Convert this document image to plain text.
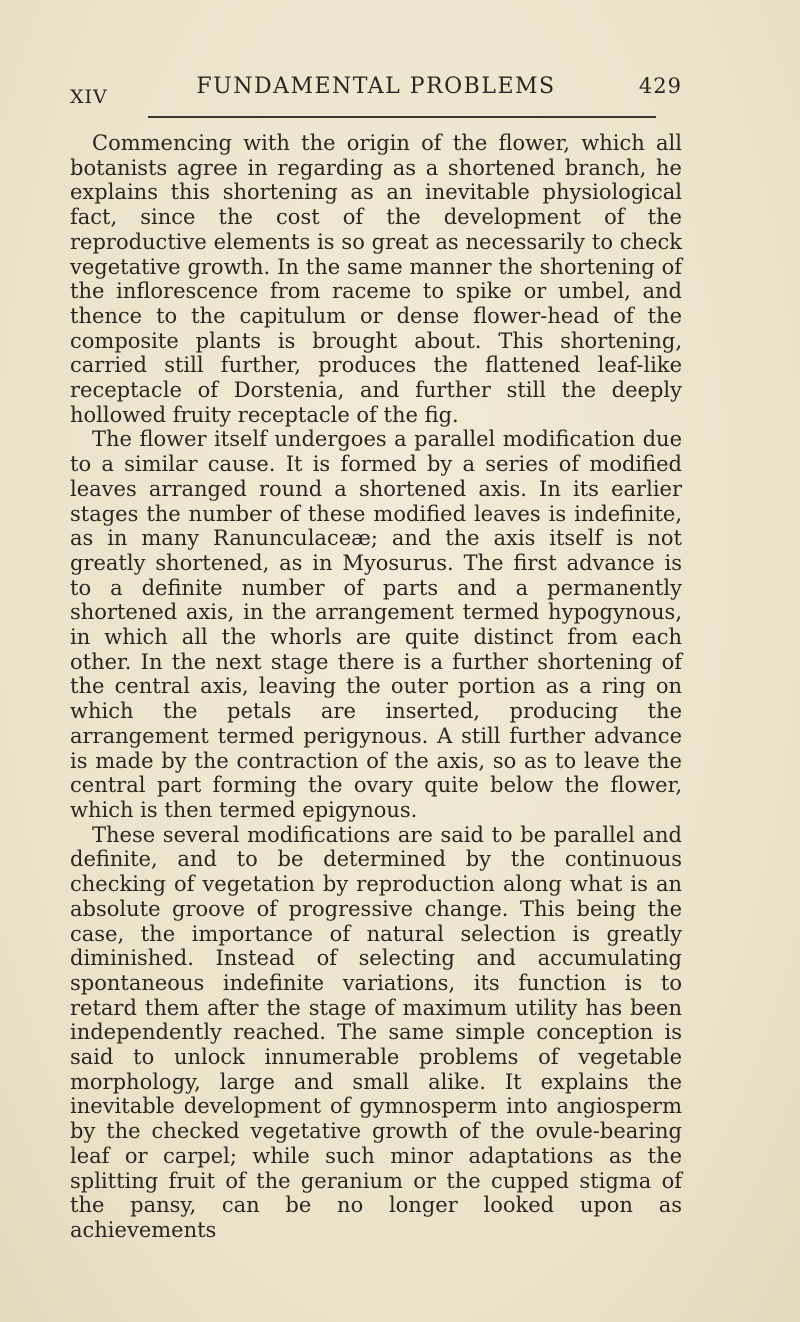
XIV	FUNDAMENTAL PROBLEMS	429

Commencing with the origin of the flower, which all botanists agree in regarding as a shortened branch, he explains this shortening as an inevitable physiological fact, since the cost of the development of the reproductive elements is so great as necessarily to check vegetative growth. In the same manner the shortening of the inflorescence from raceme to spike or umbel, and thence to the capitulum or dense flower-head of the composite plants is brought about. This shortening, carried still further, produces the flattened leaf-like receptacle of Dorstenia, and further still the deeply hollowed fruity receptacle of the fig.

The flower itself undergoes a parallel modification due to a similar cause. It is formed by a series of modified leaves arranged round a shortened axis. In its earlier stages the number of these modified leaves is indefinite, as in many Ranunculaceæ; and the axis itself is not greatly shortened, as in Myosurus. The first advance is to a definite number of parts and a permanently shortened axis, in the arrangement termed hypogynous, in which all the whorls are quite distinct from each other. In the next stage there is a further shortening of the central axis, leaving the outer portion as a ring on which the petals are inserted, producing the arrangement termed perigynous. A still further advance is made by the contraction of the axis, so as to leave the central part forming the ovary quite below the flower, which is then termed epigynous.

These several modifications are said to be parallel and definite, and to be determined by the continuous checking of vegetation by reproduction along what is an absolute groove of progressive change. This being the case, the importance of natural selection is greatly diminished. Instead of selecting and accumulating spontaneous indefinite variations, its function is to retard them after the stage of maximum utility has been independently reached. The same simple conception is said to unlock innumerable problems of vegetable morphology, large and small alike. It explains the inevitable development of gymnosperm into angiosperm by the checked vegetative growth of the ovule-bearing leaf or carpel; while such minor adaptations as the splitting fruit of the geranium or the cupped stigma of the pansy, can be no longer looked upon as achievements
